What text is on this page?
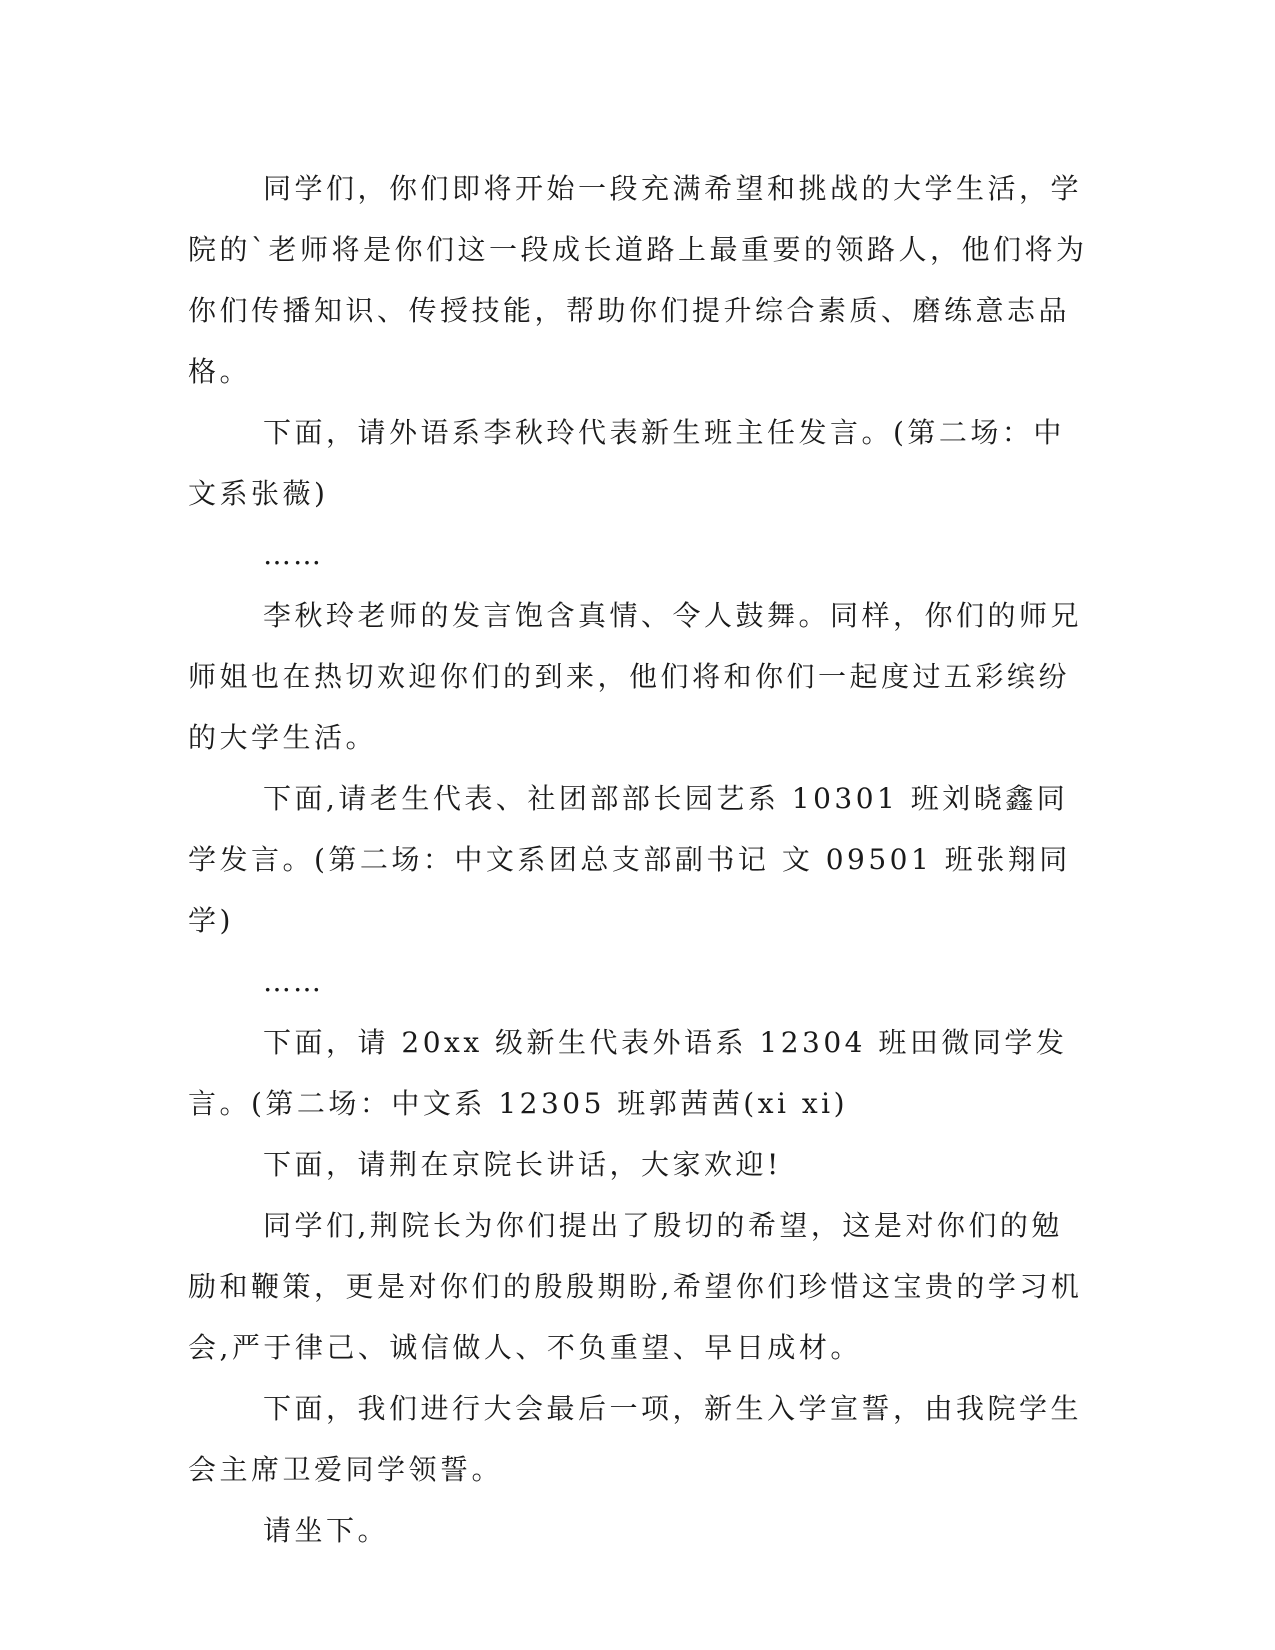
同学们，你们即将开始一段充满希望和挑战的大学生活，学院的`老师将是你们这一段成长道路上最重要的领路人，他们将为你们传播知识、传授技能，帮助你们提升综合素质、磨练意志品格。

下面，请外语系李秋玲代表新生班主任发言。(第二场：中文系张薇)

……

李秋玲老师的发言饱含真情、令人鼓舞。同样，你们的师兄师姐也在热切欢迎你们的到来，他们将和你们一起度过五彩缤纷的大学生活。

下面,请老生代表、社团部部长园艺系 10301 班刘晓鑫同学发言。(第二场：中文系团总支部副书记 文 09501 班张翔同学)

……

下面，请 20xx 级新生代表外语系 12304 班田微同学发言。(第二场：中文系 12305 班郭茜茜(xi xi)

下面，请荆在京院长讲话，大家欢迎!

同学们,荆院长为你们提出了殷切的希望，这是对你们的勉励和鞭策，更是对你们的殷殷期盼,希望你们珍惜这宝贵的学习机会,严于律己、诚信做人、不负重望、早日成材。

下面，我们进行大会最后一项，新生入学宣誓，由我院学生会主席卫爱同学领誓。

请坐下。
